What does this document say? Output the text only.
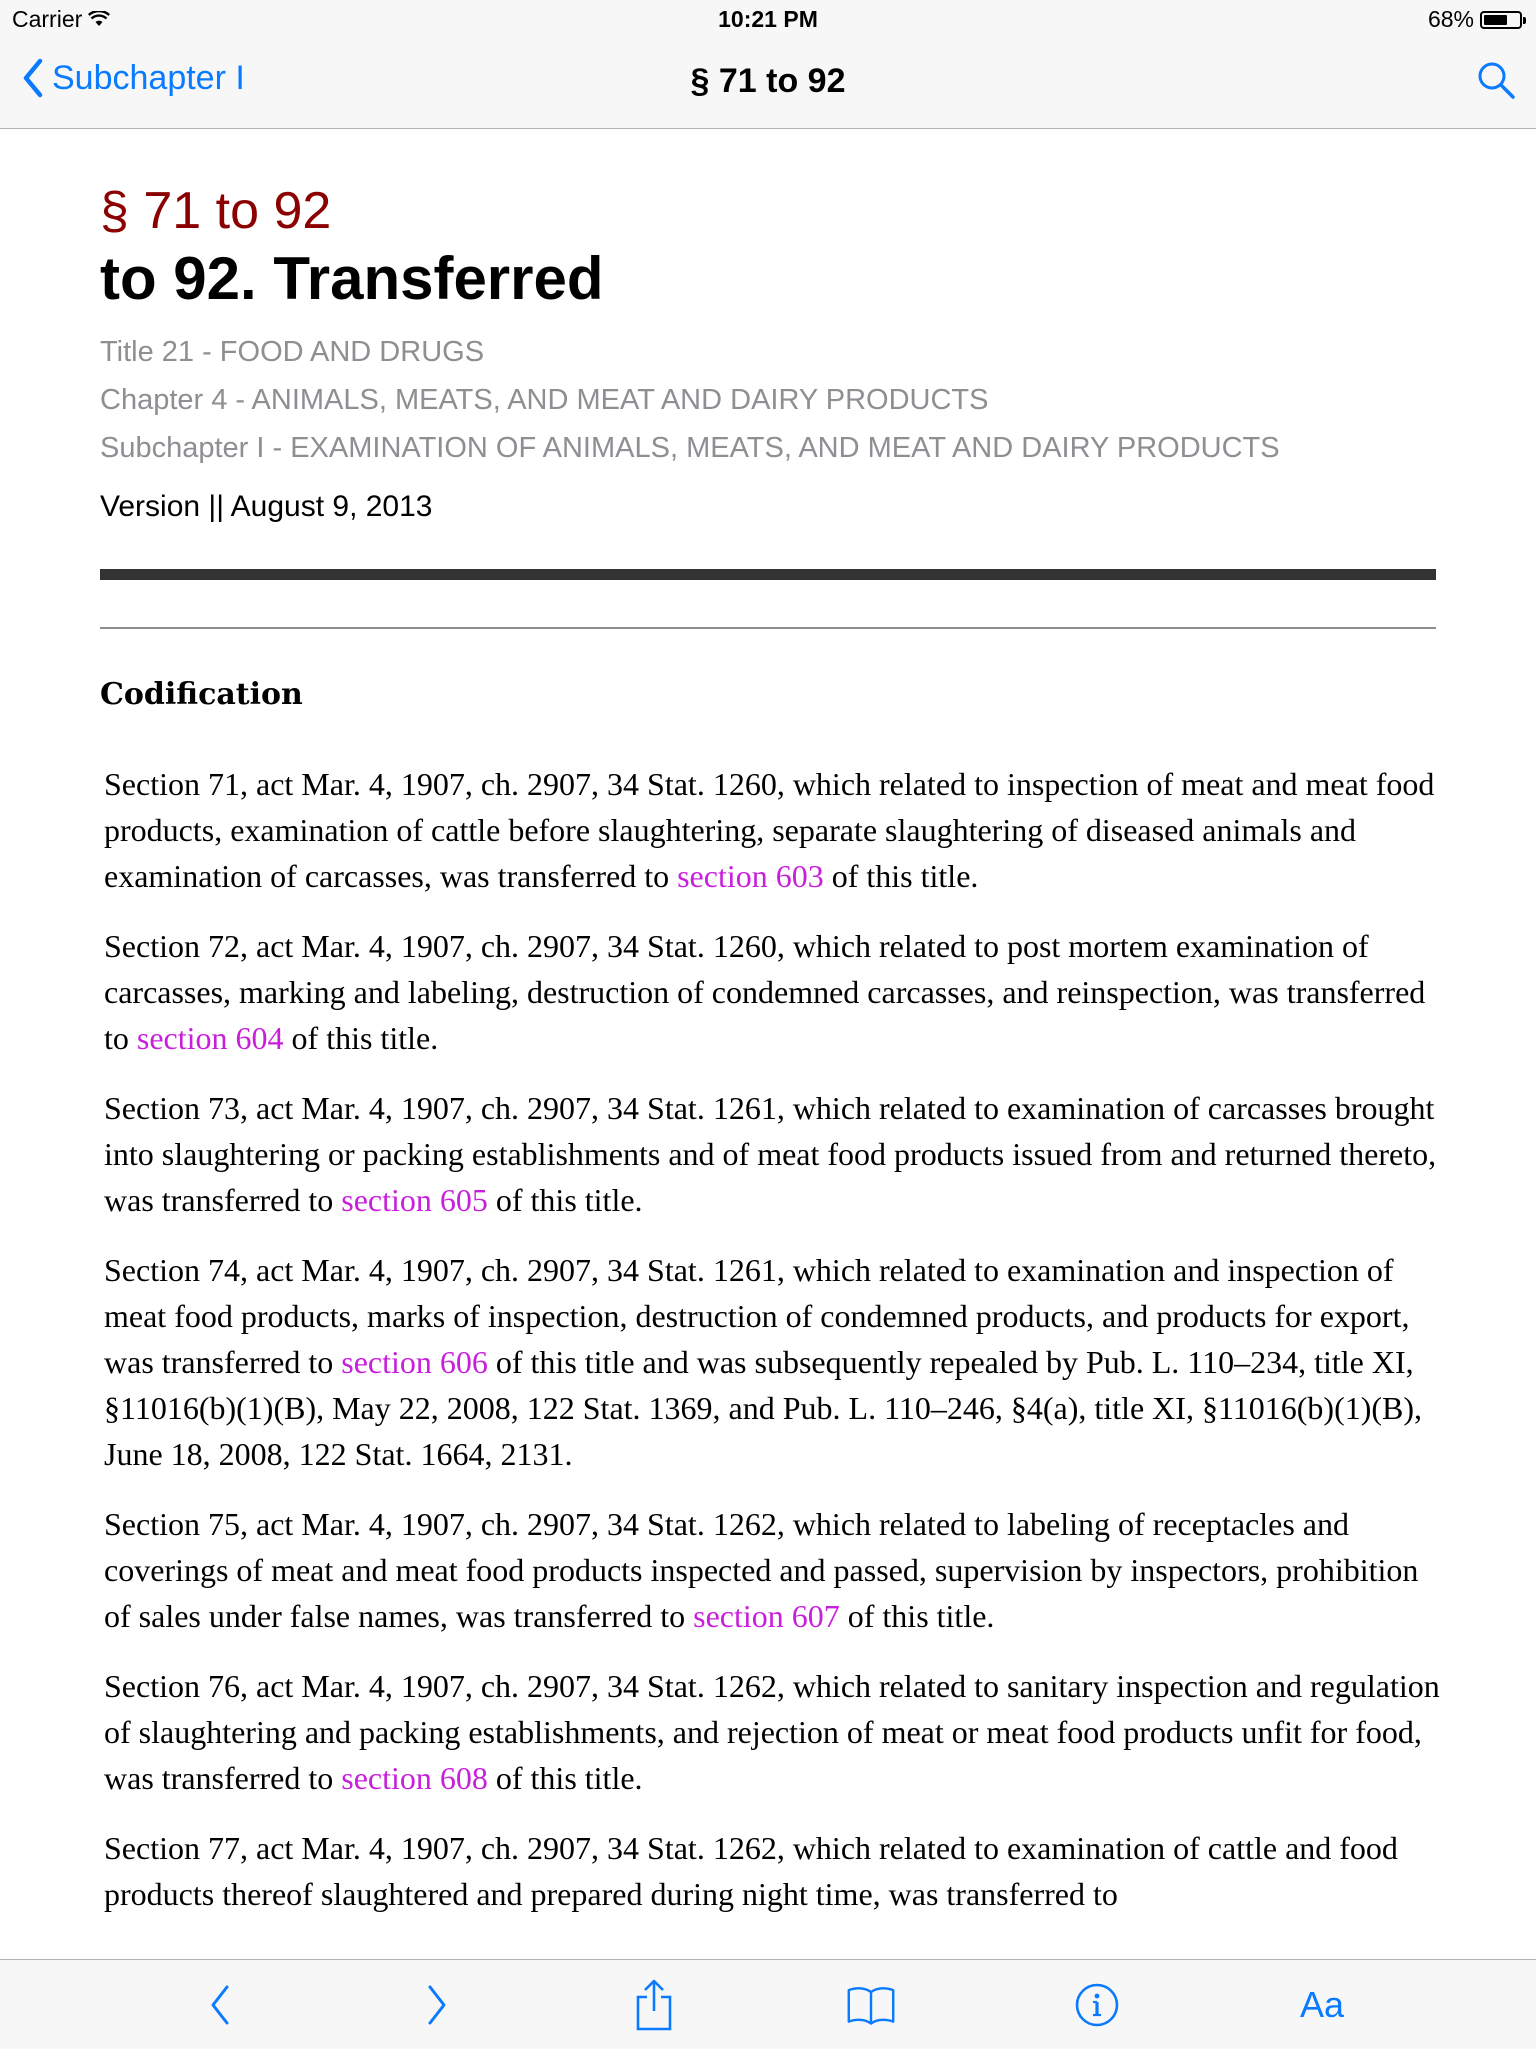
Carrier	10:21 PM	68%
Subchapter I	§ 71 to 92
§ 71 to 92
to 92. Transferred
Title 21 - FOOD AND DRUGS
Chapter 4 - ANIMALS, MEATS, AND MEAT AND DAIRY PRODUCTS
Subchapter I - EXAMINATION OF ANIMALS, MEATS, AND MEAT AND DAIRY PRODUCTS
Version || August 9, 2013
Codification

Section 71, act Mar. 4, 1907, ch. 2907, 34 Stat. 1260, which related to inspection of meat and meat food products, examination of cattle before slaughtering, separate slaughtering of diseased animals and examination of carcasses, was transferred to section 603 of this title.

Section 72, act Mar. 4, 1907, ch. 2907, 34 Stat. 1260, which related to post mortem examination of carcasses, marking and labeling, destruction of condemned carcasses, and reinspection, was transferred to section 604 of this title.

Section 73, act Mar. 4, 1907, ch. 2907, 34 Stat. 1261, which related to examination of carcasses brought into slaughtering or packing establishments and of meat food products issued from and returned thereto, was transferred to section 605 of this title.

Section 74, act Mar. 4, 1907, ch. 2907, 34 Stat. 1261, which related to examination and inspection of meat food products, marks of inspection, destruction of condemned products, and products for export, was transferred to section 606 of this title and was subsequently repealed by Pub. L. 110–234, title XI, §11016(b)(1)(B), May 22, 2008, 122 Stat. 1369, and Pub. L. 110–246, §4(a), title XI, §11016(b)(1)(B), June 18, 2008, 122 Stat. 1664, 2131.

Section 75, act Mar. 4, 1907, ch. 2907, 34 Stat. 1262, which related to labeling of receptacles and coverings of meat and meat food products inspected and passed, supervision by inspectors, prohibition of sales under false names, was transferred to section 607 of this title.

Section 76, act Mar. 4, 1907, ch. 2907, 34 Stat. 1262, which related to sanitary inspection and regulation of slaughtering and packing establishments, and rejection of meat or meat food products unfit for food, was transferred to section 608 of this title.

Section 77, act Mar. 4, 1907, ch. 2907, 34 Stat. 1262, which related to examination of cattle and food products thereof slaughtered and prepared during night time, was transferred to

Aa
